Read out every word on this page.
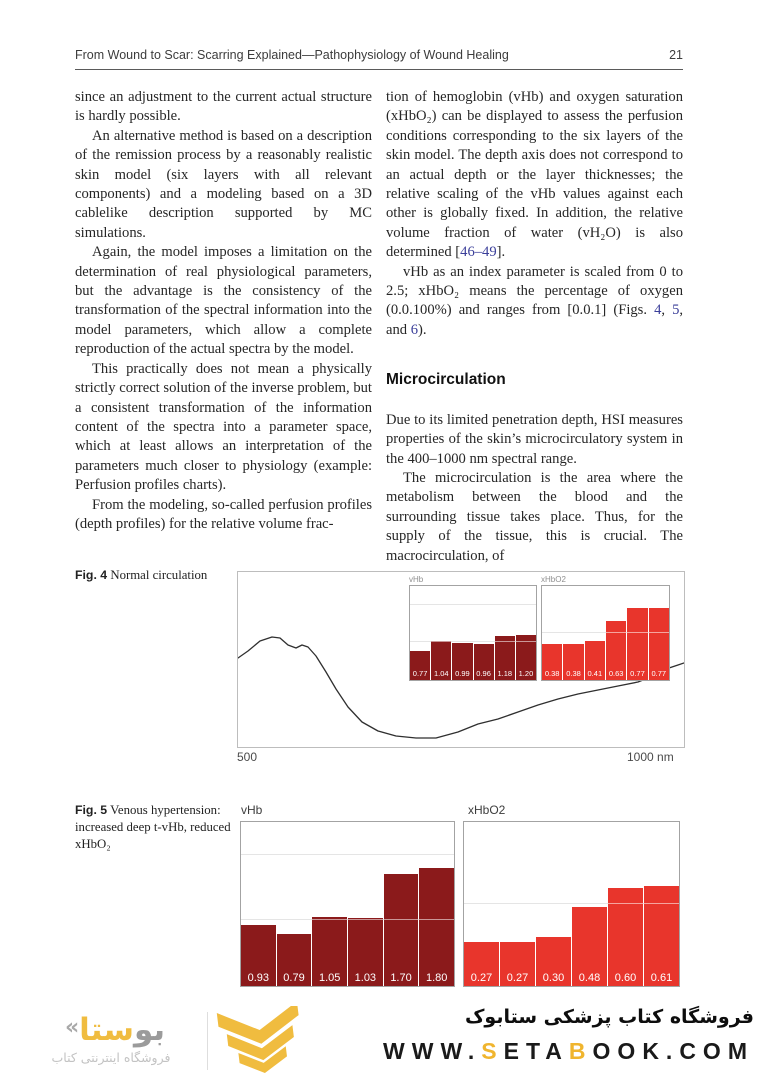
From Wound to Scar: Scarring Explained—Pathophysiology of Wound Healing	21

since an adjustment to the current actual structure is hardly possible.

An alternative method is based on a description of the remission process by a reasonably realistic skin model (six layers with all relevant components) and a modeling based on a 3D cablelike description supported by MC simulations.

Again, the model imposes a limitation on the determination of real physiological parameters, but the advantage is the consistency of the transformation of the spectral information into the model parameters, which allow a complete reproduction of the actual spectra by the model.

This practically does not mean a physically strictly correct solution of the inverse problem, but a consistent transformation of the information content of the spectra into a parameter space, which at least allows an interpretation of the parameters much closer to physiology (example: Perfusion profiles charts).

From the modeling, so-called perfusion profiles (depth profiles) for the relative volume frac-

tion of hemoglobin (vHb) and oxygen saturation (xHbO₂) can be displayed to assess the perfusion conditions corresponding to the six layers of the skin model. The depth axis does not correspond to an actual depth or the layer thicknesses; the relative scaling of the vHb values against each other is globally fixed. In addition, the relative volume fraction of water (vH₂O) is also determined [46–49].

vHb as an index parameter is scaled from 0 to 2.5; xHbO₂ means the percentage of oxygen (0.0.100%) and ranges from [0.0.1] (Figs. 4, 5, and 6).

Microcirculation

Due to its limited penetration depth, HSI measures properties of the skin’s microcirculatory system in the 400–1000 nm spectral range.

The microcirculation is the area where the metabolism between the blood and the surrounding tissue takes place. Thus, for the supply of the tissue, this is crucial. The macrocirculation, of

Fig. 4 Normal circulation	vHb
0.77 1.04 0.99 0.96 1.18 1.20
xHbO2
0.38 0.38 0.41 0.63 0.77 0.77
500	1000 nm
Fig. 5 Venous hypertension: increased deep t-vHb, reduced xHbO₂
vHb
0.93	0.79	1.05	1.03	1.70	1.80
xHbO2
0.27	0.27	0.30	0.48	0.60	0.61
« بوستا
فروشگاه اینترنتی کتاب
فروشگاه کتاب پزشکی ستابوک
WWW.SETABOOK.COM
